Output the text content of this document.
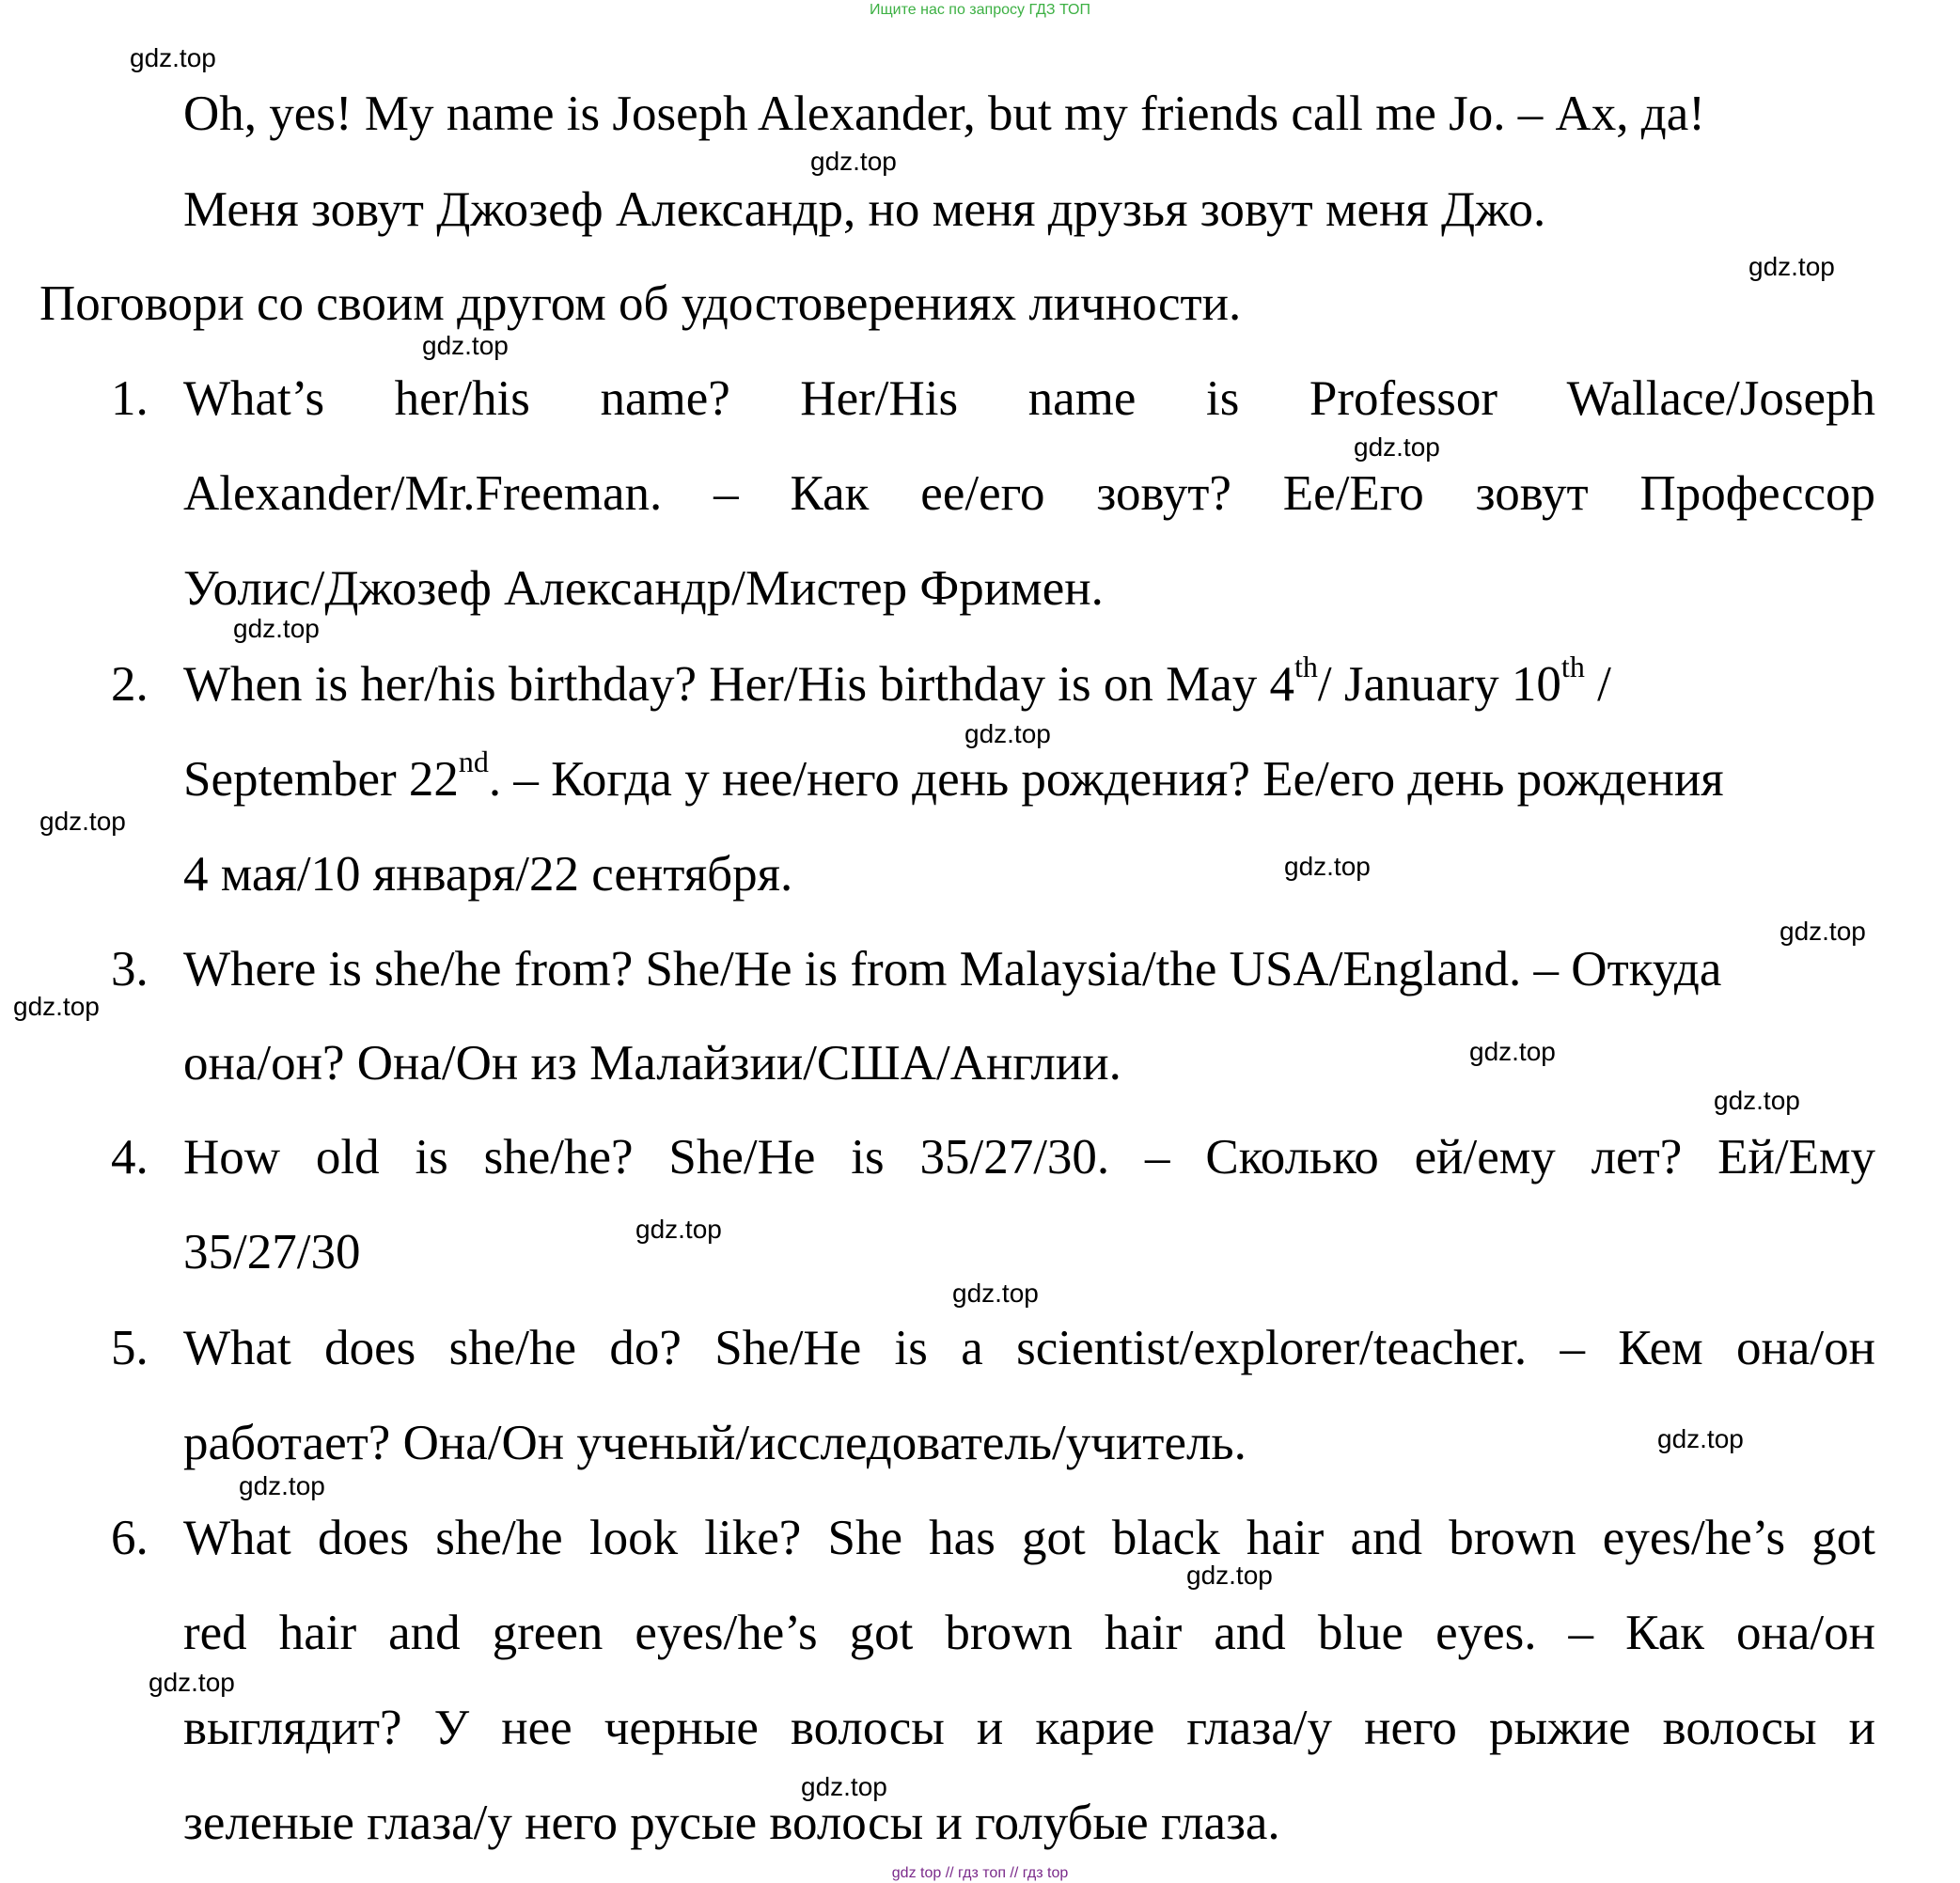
Ищите нас по запросу ГДЗ ТОП
gdz.top
gdz.top
gdz.top
gdz.top
gdz.top
gdz.top
gdz.top
gdz.top
gdz.top
gdz.top
gdz.top
gdz.top
gdz.top
gdz.top
gdz.top
gdz.top
gdz.top
gdz.top
gdz.top
gdz.top
Oh, yes! My name is Joseph Alexander, but my friends call me Jo. – Ах, да!
Меня зовут Джозеф Александр, но меня друзья зовут меня Джо.
Поговори со своим другом об удостоверениях личности.
1. What’s her/his name? Her/His name is Professor Wallace/Joseph
Alexander/Mr.Freeman. – Как ее/его зовут? Ее/Его зовут Профессор
Уолис/Джозеф Александр/Мистер Фримен.
2. When is her/his birthday? Her/His birthday is on May 4th/ January 10th /
September 22nd. – Когда у нее/него день рождения? Ее/его день рождения
4 мая/10 января/22 сентября.
3. Where is she/he from? She/He is from Malaysia/the USA/England. – Откуда
она/он? Она/Он из Малайзии/США/Англии.
4. How old is she/he? She/He is 35/27/30. – Сколько ей/ему лет? Ей/Ему
35/27/30
5. What does she/he do? She/He is a scientist/explorer/teacher. – Кем она/он
работает? Она/Он ученый/исследователь/учитель.
6. What does she/he look like? She has got black hair and brown eyes/he’s got
red hair and green eyes/he’s got brown hair and blue eyes. – Как она/он
выглядит? У нее черные волосы и карие глаза/у него рыжие волосы и
зеленые глаза/у него русые волосы и голубые глаза.
gdz top // гдз топ // гдз top
